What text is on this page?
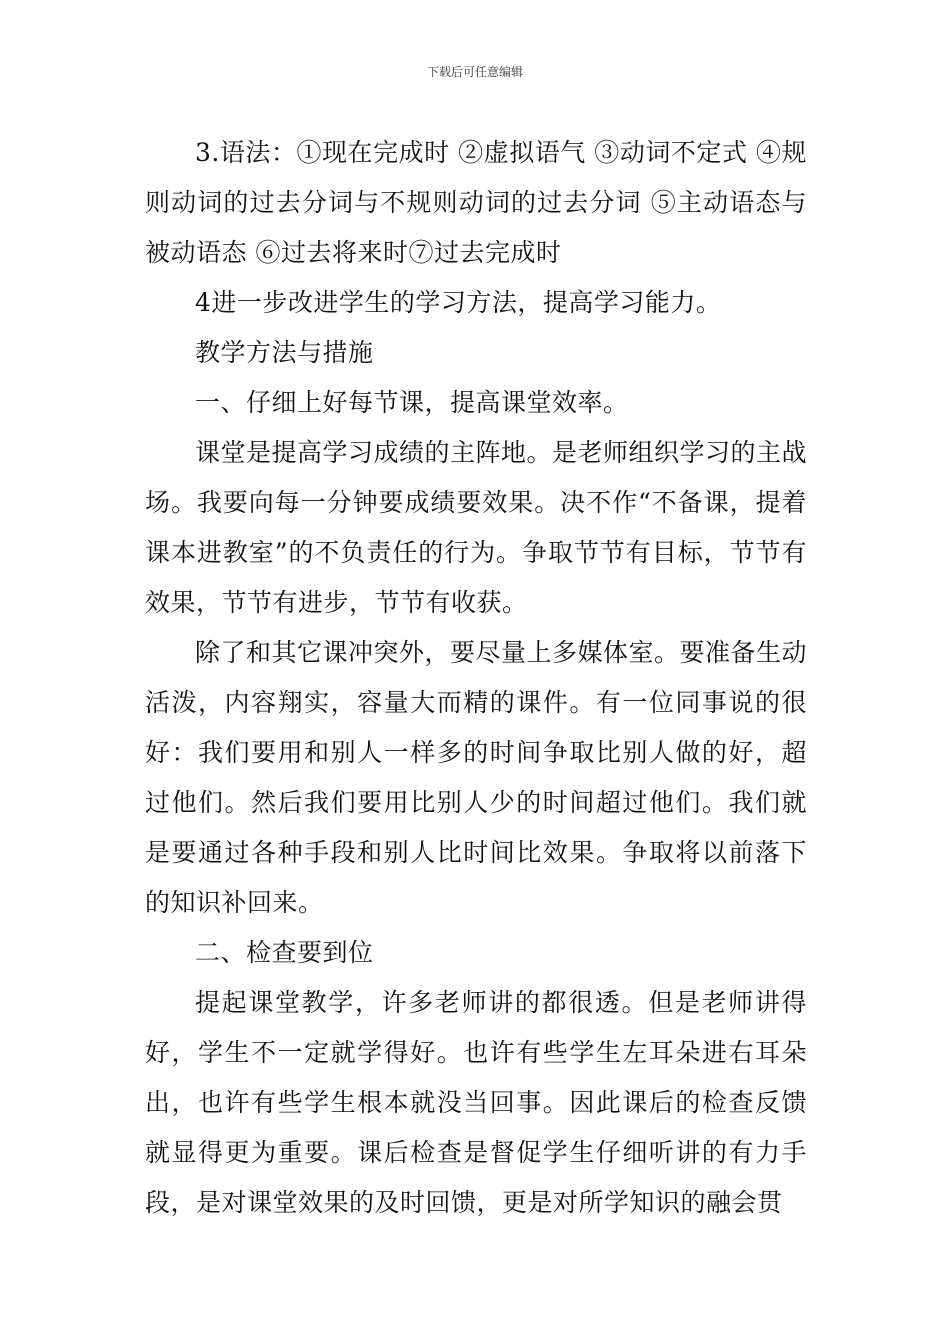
下载后可任意编辑

3.语法：①现在完成时 ②虚拟语气 ③动词不定式 ④规则动词的过去分词与不规则动词的过去分词 ⑤主动语态与被动语态 ⑥过去将来时⑦过去完成时

4进一步改进学生的学习方法，提高学习能力。

教学方法与措施

一、仔细上好每节课，提高课堂效率。

课堂是提高学习成绩的主阵地。是老师组织学习的主战场。我要向每一分钟要成绩要效果。决不作“不备课，提着课本进教室”的不负责任的行为。争取节节有目标，节节有效果，节节有进步，节节有收获。

除了和其它课冲突外，要尽量上多媒体室。要准备生动活泼，内容翔实，容量大而精的课件。有一位同事说的很好：我们要用和别人一样多的时间争取比别人做的好，超过他们。然后我们要用比别人少的时间超过他们。我们就是要通过各种手段和别人比时间比效果。争取将以前落下的知识补回来。

二、检查要到位

提起课堂教学，许多老师讲的都很透。但是老师讲得好，学生不一定就学得好。也许有些学生左耳朵进右耳朵出，也许有些学生根本就没当回事。因此课后的检查反馈就显得更为重要。课后检查是督促学生仔细听讲的有力手段，是对课堂效果的及时回馈，更是对所学知识的融会贯
